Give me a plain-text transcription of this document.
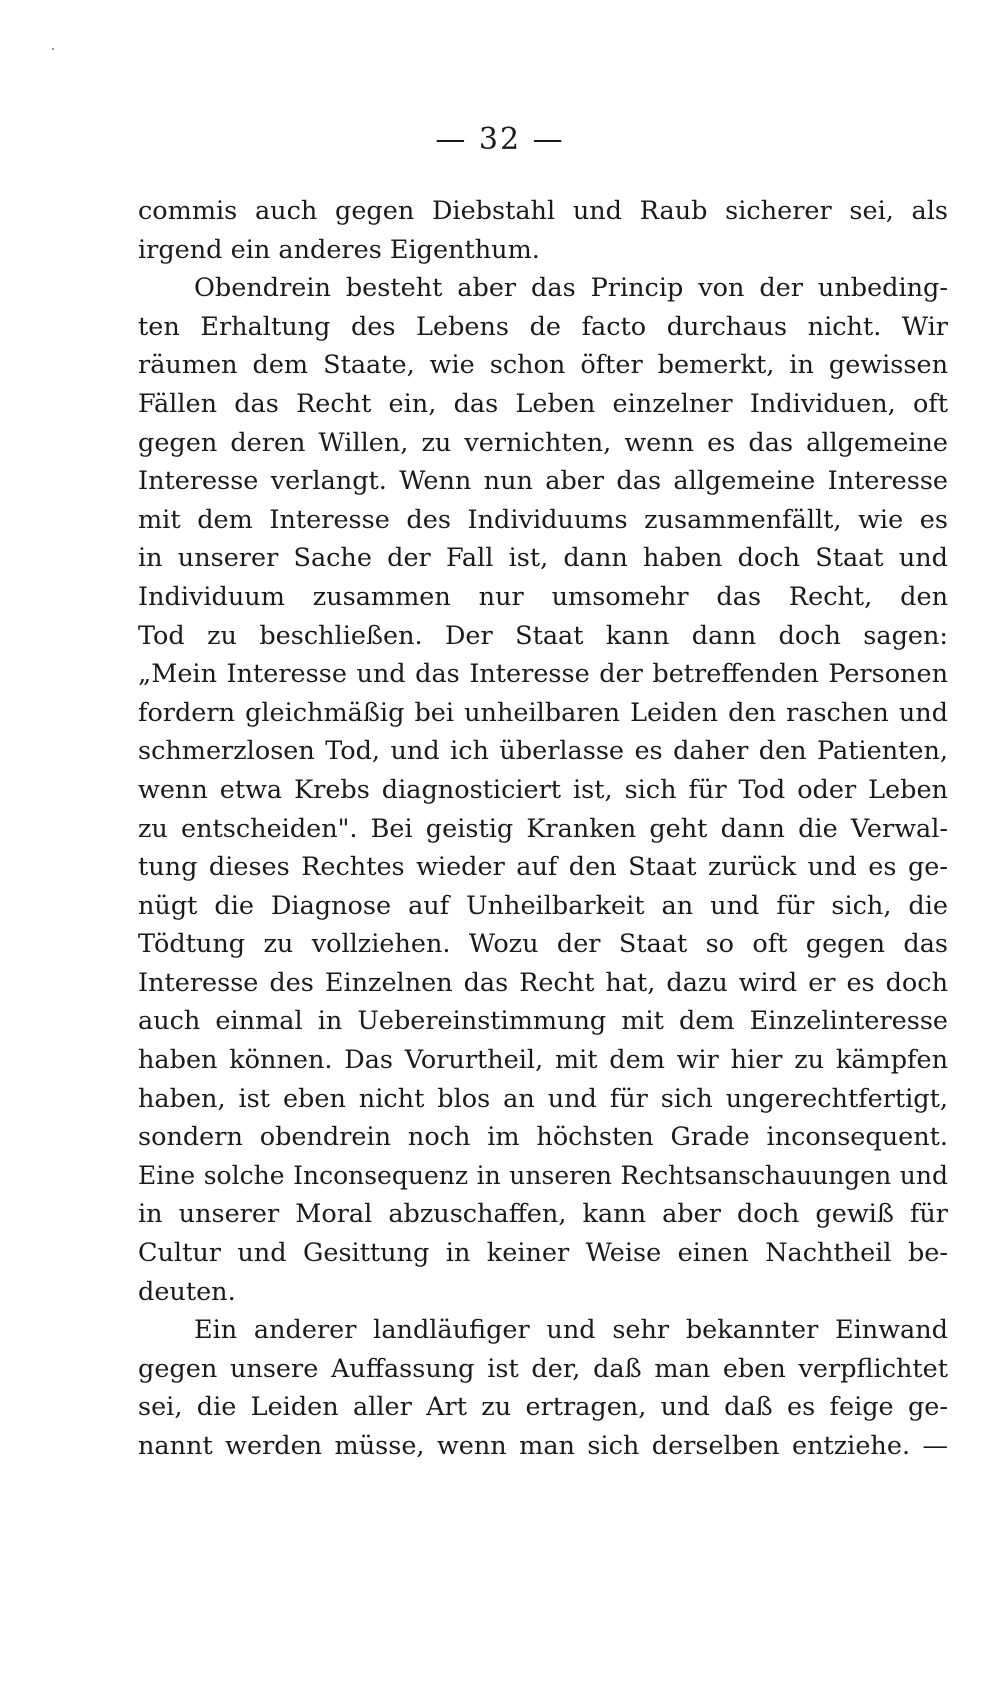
— 32 —
commis auch gegen Diebstahl und Raub sicherer sei, als
irgend ein anderes Eigenthum.
Obendrein besteht aber das Princip von der unbeding-
ten Erhaltung des Lebens de facto durchaus nicht. Wir
räumen dem Staate, wie schon öfter bemerkt, in gewissen
Fällen das Recht ein, das Leben einzelner Individuen, oft
gegen deren Willen, zu vernichten, wenn es das allgemeine
Interesse verlangt. Wenn nun aber das allgemeine Interesse
mit dem Interesse des Individuums zusammenfällt, wie es
in unserer Sache der Fall ist, dann haben doch Staat und
Individuum zusammen nur umsomehr das Recht, den
Tod zu beschließen. Der Staat kann dann doch sagen:
„Mein Interesse und das Interesse der betreffenden Personen
fordern gleichmäßig bei unheilbaren Leiden den raschen und
schmerzlosen Tod, und ich überlasse es daher den Patienten,
wenn etwa Krebs diagnosticiert ist, sich für Tod oder Leben
zu entscheiden". Bei geistig Kranken geht dann die Verwal-
tung dieses Rechtes wieder auf den Staat zurück und es ge-
nügt die Diagnose auf Unheilbarkeit an und für sich, die
Tödtung zu vollziehen. Wozu der Staat so oft gegen das
Interesse des Einzelnen das Recht hat, dazu wird er es doch
auch einmal in Uebereinstimmung mit dem Einzelinteresse
haben können. Das Vorurtheil, mit dem wir hier zu kämpfen
haben, ist eben nicht blos an und für sich ungerechtfertigt,
sondern obendrein noch im höchsten Grade inconsequent.
Eine solche Inconsequenz in unseren Rechtsanschauungen und
in unserer Moral abzuschaffen, kann aber doch gewiß für
Cultur und Gesittung in keiner Weise einen Nachtheil be-
deuten.
Ein anderer landläufiger und sehr bekannter Einwand
gegen unsere Auffassung ist der, daß man eben verpflichtet
sei, die Leiden aller Art zu ertragen, und daß es feige ge-
nannt werden müsse, wenn man sich derselben entziehe. —
